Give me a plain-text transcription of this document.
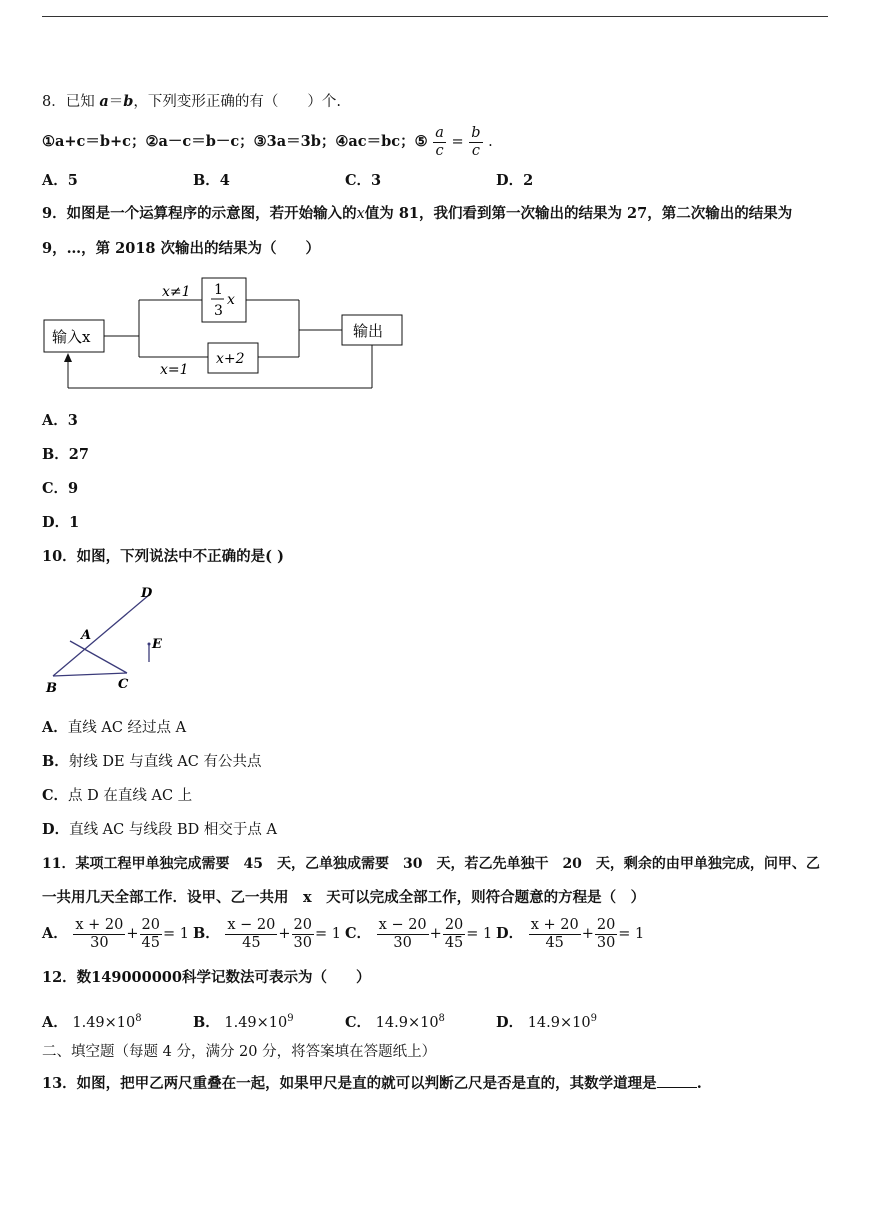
8．已知 a＝b，下列变形正确的有（　　）个.
①a+c＝b+c；②a－c＝b－c；③3a＝3b；④ac＝bc；⑤ $\frac{a}{c} = \frac{b}{c}$ .
A．5	B．4	C．3	D．2
9．如图是一个运算程序的示意图，若开始输入的x值为 81，我们看到第一次输出的结果为 27，第二次输出的结果为
9，…，第 2018 次输出的结果为（　　）
输入x	输出
x≠1
x=1
1
3
x
x+2
A．3
B．27
C．9
D．1
10．如图，下列说法中不正确的是( )
D
A
E
B	C
A．直线 AC 经过点 A
B．射线 DE 与直线 AC 有公共点
C．点 D 在直线 AC 上
D．直线 AC 与线段 BD 相交于点 A
11．某项工程甲单独完成需要　45　天，乙单独成需要　30　天，若乙先单独干　20　天，剩余的由甲单独完成，问甲、乙
一共用几天全部工作．设甲、乙一共用　x　天可以完成全部工作，则符合题意的方程是（　）
A． $\frac{x + 20}{30} + \frac{20}{45} = 1$ B． $\frac{x - 20}{45} + \frac{20}{30} = 1$ C． $\frac{x - 20}{30} + \frac{20}{45} = 1$ D． $\frac{x + 20}{45} + \frac{20}{30} = 1$
12．数149000000科学记数法可表示为（　　）
A． $1.49\times 10^8$	B． $1.49\times 10^9$	C． $14.9\times 10^8$	D． $14.9\times 10^9$
二、填空题（每题 4 分，满分 20 分，将答案填在答题纸上）
13．如图，把甲乙两尺重叠在一起，如果甲尺是直的就可以判断乙尺是否是直的，其数学道理是	.
